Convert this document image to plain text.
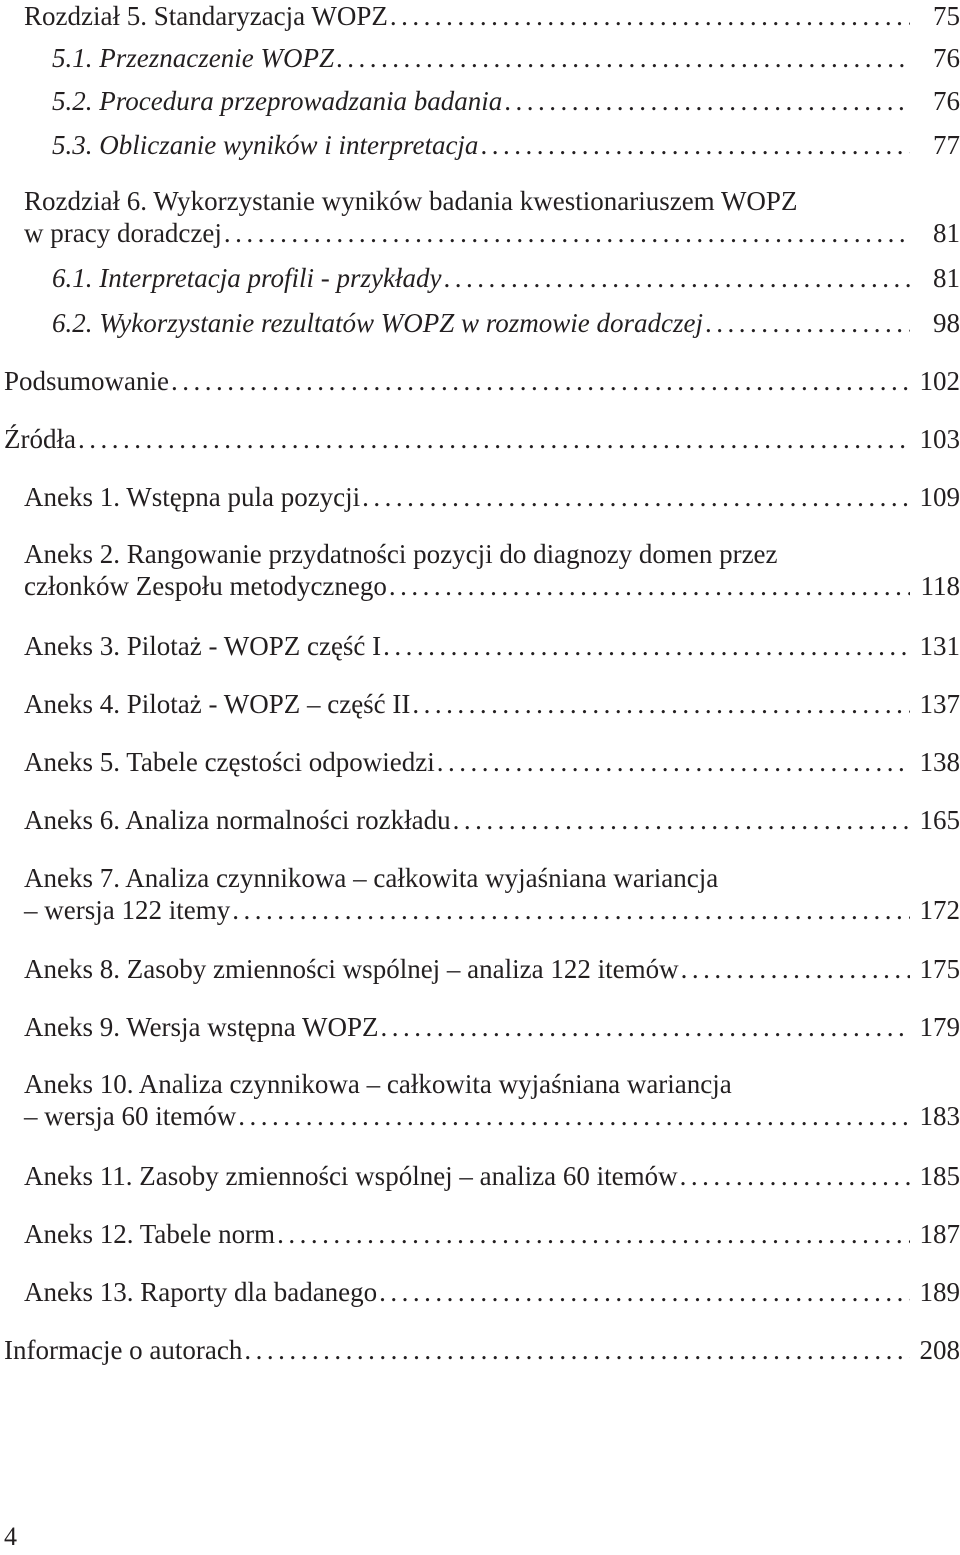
Rozdział 5. Standaryzacja WOPZ .....	75
5.1. Przeznaczenie WOPZ .....	76
5.2. Procedura przeprowadzania badania .....	76
5.3. Obliczanie wyników i interpretacja .....	77
Rozdział 6. Wykorzystanie wyników badania kwestionariuszem WOPZ
w pracy doradczej .....	81
6.1. Interpretacja profili - przykłady .....	81
6.2. Wykorzystanie rezultatów WOPZ w rozmowie doradczej .....	98
Podsumowanie .....	102
Źródła .....	103
Aneks 1. Wstępna pula pozycji .....	109
Aneks 2. Rangowanie przydatności pozycji do diagnozy domen przez
członków Zespołu metodycznego .....	118
Aneks 3. Pilotaż - WOPZ część I .....	131
Aneks 4. Pilotaż - WOPZ – część II .....	137
Aneks 5. Tabele częstości odpowiedzi .....	138
Aneks 6. Analiza normalności rozkładu .....	165
Aneks 7. Analiza czynnikowa – całkowita wyjaśniana wariancja
– wersja 122 itemy .....	172
Aneks 8. Zasoby zmienności wspólnej – analiza 122 itemów .....	175
Aneks 9. Wersja wstępna WOPZ .....	179
Aneks 10. Analiza czynnikowa – całkowita wyjaśniana wariancja
– wersja 60 itemów .....	183
Aneks 11. Zasoby zmienności wspólnej – analiza 60 itemów .....	185
Aneks 12. Tabele norm .....	187
Aneks 13. Raporty dla badanego .....	189
Informacje o autorach .....	208
4
